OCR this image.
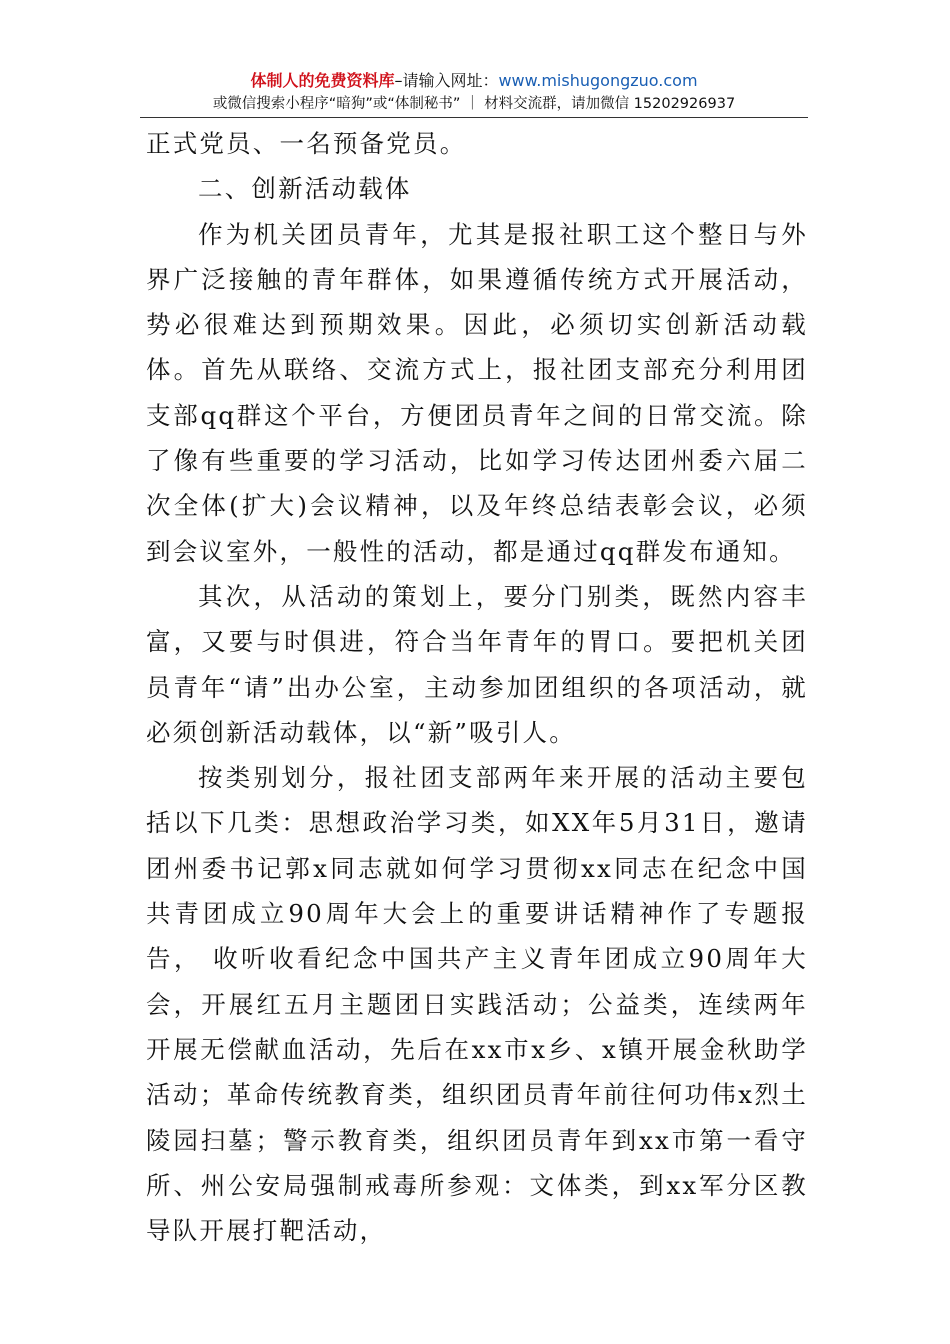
体制人的免费资料库–请输入网址：www.mishugongzuo.com
或微信搜索小程序“暗狗”或“体制秘书” ｜ 材料交流群，请加微信 15202926937

正式党员、一名预备党员。

二、创新活动载体

作为机关团员青年，尤其是报社职工这个整日与外界广泛接触的青年群体，如果遵循传统方式开展活动，势必很难达到预期效果。因此，必须切实创新活动载体。首先从联络、交流方式上，报社团支部充分利用团支部qq群这个平台，方便团员青年之间的日常交流。除了像有些重要的学习活动，比如学习传达团州委六届二次全体(扩大)会议精神，以及年终总结表彰会议，必须到会议室外，一般性的活动，都是通过qq群发布通知。

其次，从活动的策划上，要分门别类，既然内容丰富，又要与时俱进，符合当年青年的胃口。要把机关团员青年“请”出办公室，主动参加团组织的各项活动，就必须创新活动载体，以“新”吸引人。

按类别划分，报社团支部两年来开展的活动主要包括以下几类：思想政治学习类，如XX年5月31日，邀请团州委书记郭x同志就如何学习贯彻xx同志在纪念中国共青团成立90周年大会上的重要讲话精神作了专题报告， 收听收看纪念中国共产主义青年团成立90周年大会，开展红五月主题团日实践活动；公益类，连续两年开展无偿献血活动，先后在xx市x乡、x镇开展金秋助学活动；革命传统教育类，组织团员青年前往何功伟x烈土陵园扫墓；警示教育类，组织团员青年到xx市第一看守所、州公安局强制戒毒所参观：文体类，到xx军分区教导队开展打靶活动，
